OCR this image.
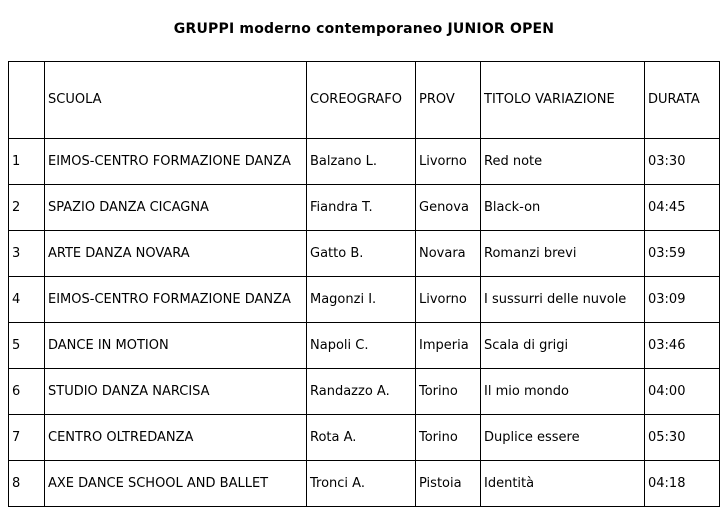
GRUPPI moderno contemporaneo JUNIOR OPEN
	SCUOLA	COREOGRAFO	PROV	TITOLO VARIAZIONE	DURATA
1	EIMOS-CENTRO FORMAZIONE DANZA	Balzano L.	Livorno	Red note	03:30
2	SPAZIO DANZA CICAGNA	Fiandra T.	Genova	Black-on	04:45
3	ARTE DANZA NOVARA	Gatto B.	Novara	Romanzi brevi	03:59
4	EIMOS-CENTRO FORMAZIONE DANZA	Magonzi I.	Livorno	I sussurri delle nuvole	03:09
5	DANCE IN MOTION	Napoli C.	Imperia	Scala di grigi	03:46
6	STUDIO DANZA NARCISA	Randazzo A.	Torino	Il mio mondo	04:00
7	CENTRO OLTREDANZA	Rota A.	Torino	Duplice essere	05:30
8	AXE DANCE SCHOOL AND BALLET	Tronci A.	Pistoia	Identità	04:18
